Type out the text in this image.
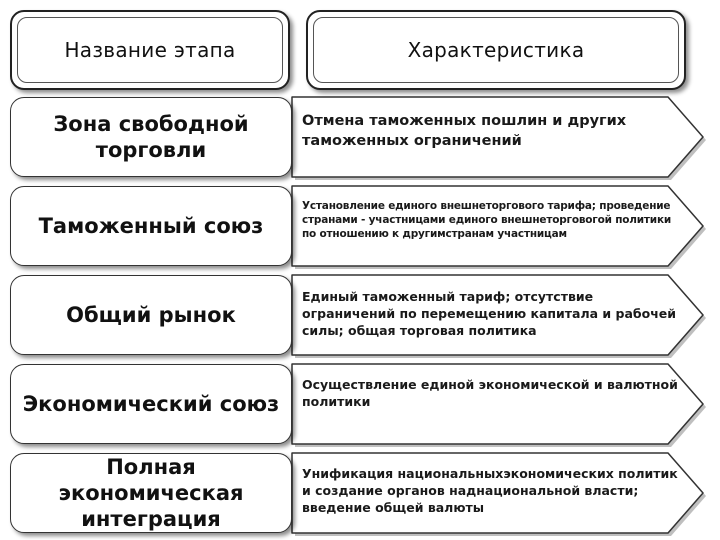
Название этапа	Характеристика
Зона свободной торговли
Отмена таможенных пошлин и других таможенных ограничений
Таможенный союз
Установление единого внешнеторгового тарифа; проведение странами - участницами единого внешнеторговогой политики по отношению к другимстранам участницам
Общий рынок
Единый таможенный тариф; отсутствие ограничений по перемещению капитала и рабочей силы; общая торговая политика
Экономический союз
Осуществление единой экономической и валютной политики
Полная экономическая интеграция
Унификация национальныхэкономических политик и создание органов наднациональной власти; введение общей валюты
